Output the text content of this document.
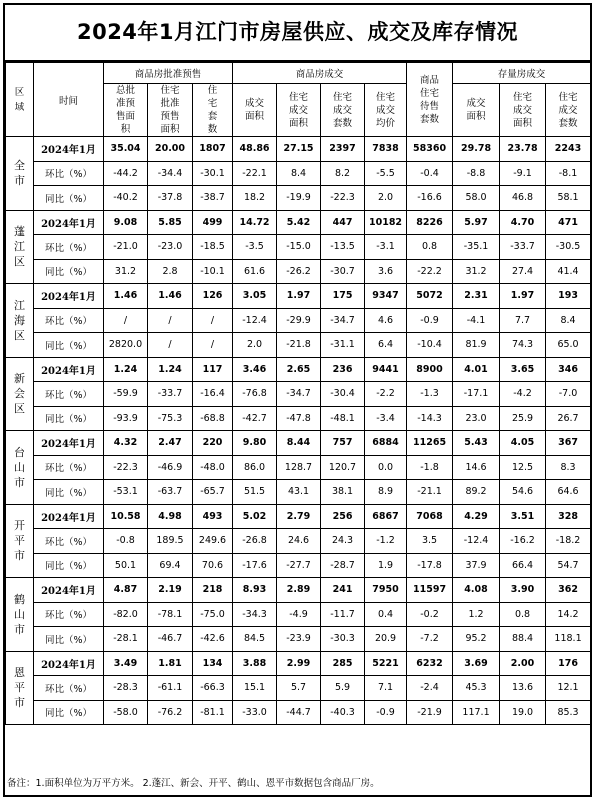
2024年1月江门市房屋供应、成交及库存情况
区域	时间	商品房批准预售			商品房成交				商品住宅待售套数	存量房成交		
		总批准预售面积	住宅批准预售面积	住宅套数	成交面积	住宅成交面积	住宅成交套数	住宅成交均价		成交面积	住宅成交面积	住宅成交套数
全市	2024年1月	35.04	20.00	1807	48.86	27.15	2397	7838	58360	29.78	23.78	2243
	环比（%）	-44.2	-34.4	-30.1	-22.1	8.4	8.2	-5.5	-0.4	-8.8	-9.1	-8.1
	同比（%）	-40.2	-37.8	-38.7	18.2	-19.9	-22.3	2.0	-16.6	58.0	46.8	58.1
蓬江区	2024年1月	9.08	5.85	499	14.72	5.42	447	10182	8226	5.97	4.70	471
	环比（%）	-21.0	-23.0	-18.5	-3.5	-15.0	-13.5	-3.1	0.8	-35.1	-33.7	-30.5
	同比（%）	31.2	2.8	-10.1	61.6	-26.2	-30.7	3.6	-22.2	31.2	27.4	41.4
江海区	2024年1月	1.46	1.46	126	3.05	1.97	175	9347	5072	2.31	1.97	193
	环比（%）	/	/	/	-12.4	-29.9	-34.7	4.6	-0.9	-4.1	7.7	8.4
	同比（%）	2820.0	/	/	2.0	-21.8	-31.1	6.4	-10.4	81.9	74.3	65.0
新会区	2024年1月	1.24	1.24	117	3.46	2.65	236	9441	8900	4.01	3.65	346
	环比（%）	-59.9	-33.7	-16.4	-76.8	-34.7	-30.4	-2.2	-1.3	-17.1	-4.2	-7.0
	同比（%）	-93.9	-75.3	-68.8	-42.7	-47.8	-48.1	-3.4	-14.3	23.0	25.9	26.7
台山市	2024年1月	4.32	2.47	220	9.80	8.44	757	6884	11265	5.43	4.05	367
	环比（%）	-22.3	-46.9	-48.0	86.0	128.7	120.7	0.0	-1.8	14.6	12.5	8.3
	同比（%）	-53.1	-63.7	-65.7	51.5	43.1	38.1	8.9	-21.1	89.2	54.6	64.6
开平市	2024年1月	10.58	4.98	493	5.02	2.79	256	6867	7068	4.29	3.51	328
	环比（%）	-0.8	189.5	249.6	-26.8	24.6	24.3	-1.2	3.5	-12.4	-16.2	-18.2
	同比（%）	50.1	69.4	70.6	-17.6	-27.7	-28.7	1.9	-17.8	37.9	66.4	54.7
鹤山市	2024年1月	4.87	2.19	218	8.93	2.89	241	7950	11597	4.08	3.90	362
	环比（%）	-82.0	-78.1	-75.0	-34.3	-4.9	-11.7	0.4	-0.2	1.2	0.8	14.2
	同比（%）	-28.1	-46.7	-42.6	84.5	-23.9	-30.3	20.9	-7.2	95.2	88.4	118.1
恩平市	2024年1月	3.49	1.81	134	3.88	2.99	285	5221	6232	3.69	2.00	176
	环比（%）	-28.3	-61.1	-66.3	15.1	5.7	5.9	7.1	-2.4	45.3	13.6	12.1
	同比（%）	-58.0	-76.2	-81.1	-33.0	-44.7	-40.3	-0.9	-21.9	117.1	19.0	85.3
备注：1.面积单位为万平方米。 2.蓬江、新会、开平、鹤山、恩平市数据包含商品厂房。
